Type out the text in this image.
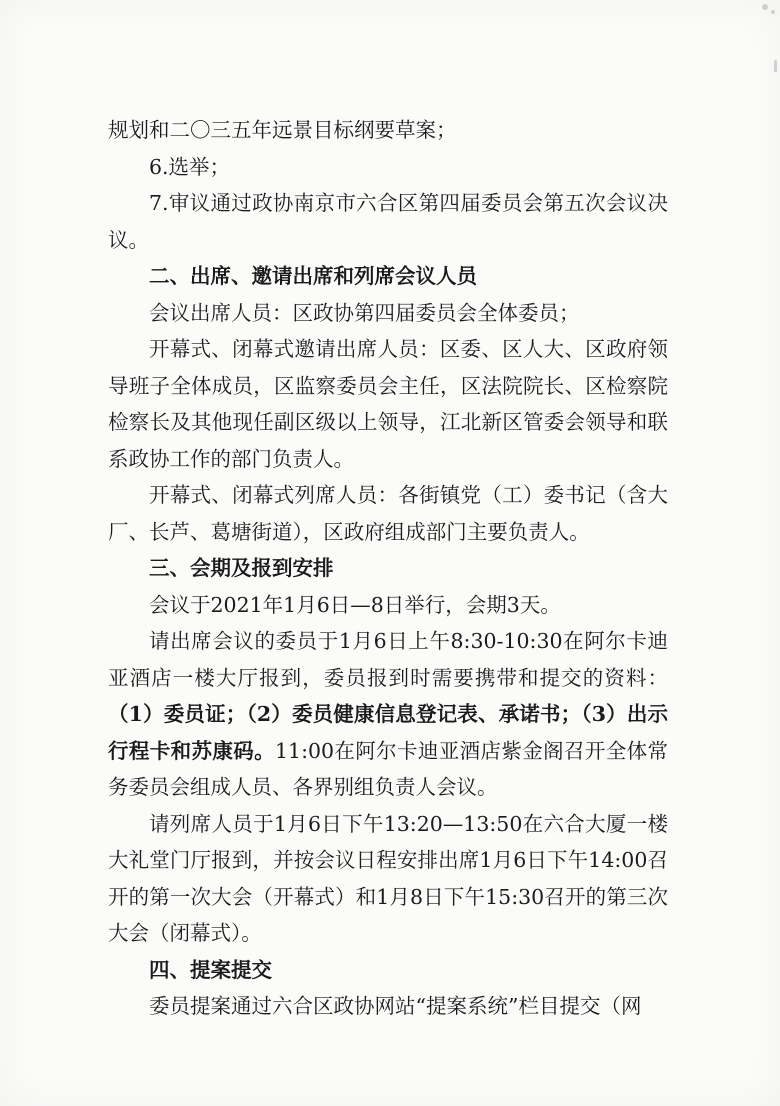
规划和二〇三五年远景目标纲要草案；

6.选举；

7.审议通过政协南京市六合区第四届委员会第五次会议决议。

二、出席、邀请出席和列席会议人员

会议出席人员：区政协第四届委员会全体委员；

开幕式、闭幕式邀请出席人员：区委、区人大、区政府领导班子全体成员，区监察委员会主任，区法院院长、区检察院检察长及其他现任副区级以上领导，江北新区管委会领导和联系政协工作的部门负责人。

开幕式、闭幕式列席人员：各街镇党（工）委书记（含大厂、长芦、葛塘街道），区政府组成部门主要负责人。

三、会期及报到安排

会议于2021年1月6日—8日举行，会期3天。

请出席会议的委员于1月6日上午8:30-10:30在阿尔卡迪亚酒店一楼大厅报到，委员报到时需要携带和提交的资料：（1）委员证；（2）委员健康信息登记表、承诺书；（3）出示行程卡和苏康码。11:00在阿尔卡迪亚酒店紫金阁召开全体常务委员会组成人员、各界别组负责人会议。

请列席人员于1月6日下午13:20—13:50在六合大厦一楼大礼堂门厅报到，并按会议日程安排出席1月6日下午14:00召开的第一次大会（开幕式）和1月8日下午15:30召开的第三次大会（闭幕式）。

四、提案提交

委员提案通过六合区政协网站“提案系统”栏目提交（网
